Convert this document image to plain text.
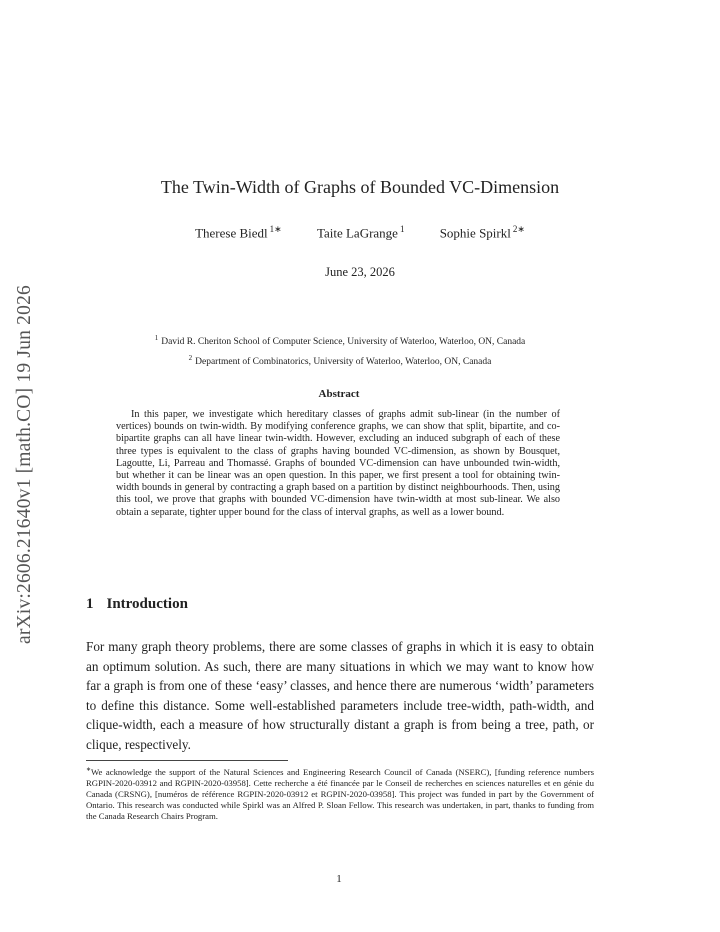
arXiv:2606.21640v1 [math.CO] 19 Jun 2026
The Twin-Width of Graphs of Bounded VC-Dimension
Therese Biedl $^{1∗}$	Taite LaGrange $^1$	Sophie Spirkl $^{2∗}$
June 23, 2026
$^1$ David R. Cheriton School of Computer Science, University of Waterloo, Waterloo, ON, Canada
$^2$ Department of Combinatorics, University of Waterloo, Waterloo, ON, Canada
Abstract
In this paper, we investigate which hereditary classes of graphs admit sub-linear (in the number of vertices) bounds on twin-width. By modifying conference graphs, we can show that split, bipartite, and co-bipartite graphs can all have linear twin-width. However, excluding an induced subgraph of each of these three types is equivalent to the class of graphs having bounded VC-dimension, as shown by Bousquet, Lagoutte, Li, Parreau and Thomassé. Graphs of bounded VC-dimension can have unbounded twin-width, but whether it can be linear was an open question. In this paper, we first present a tool for obtaining twin-width bounds in general by contracting a graph based on a partition by distinct neighbourhoods. Then, using this tool, we prove that graphs with bounded VC-dimension have twin-width at most sub-linear. We also obtain a separate, tighter upper bound for the class of interval graphs, as well as a lower bound.
1 Introduction
For many graph theory problems, there are some classes of graphs in which it is easy to obtain an optimum solution. As such, there are many situations in which we may want to know how far a graph is from one of these ‘easy’ classes, and hence there are numerous ‘width’ parameters to define this distance. Some well-established parameters include tree-width, path-width, and clique-width, each a measure of how structurally distant a graph is from being a tree, path, or clique, respectively.
∗We acknowledge the support of the Natural Sciences and Engineering Research Council of Canada (NSERC), [funding reference numbers RGPIN-2020-03912 and RGPIN-2020-03958]. Cette recherche a été financée par le Conseil de recherches en sciences naturelles et en génie du Canada (CRSNG), [numéros de référence RGPIN-2020-03912 et RGPIN-2020-03958]. This project was funded in part by the Government of Ontario. This research was conducted while Spirkl was an Alfred P. Sloan Fellow. This research was undertaken, in part, thanks to funding from the Canada Research Chairs Program.
1
